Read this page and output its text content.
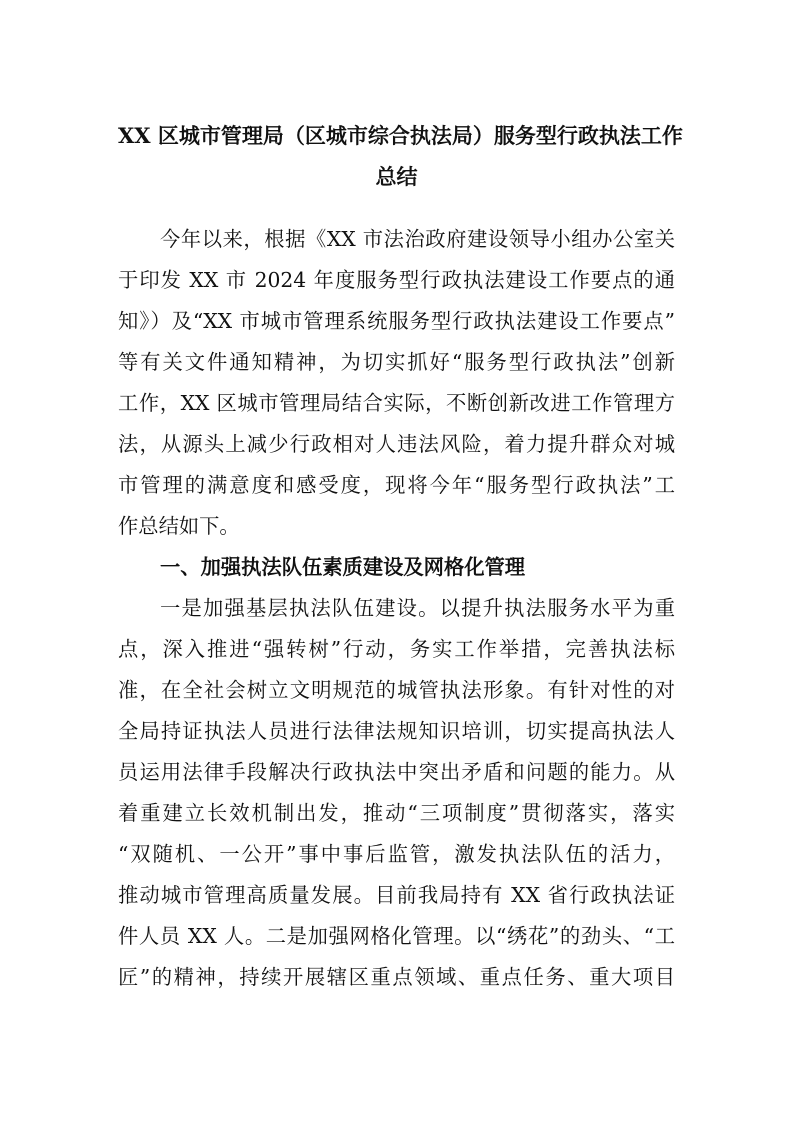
XX 区城市管理局（区城市综合执法局）服务型行政执法工作
总结
今年以来，根据《XX 市法治政府建设领导小组办公室关
于印发 XX 市 2024 年度服务型行政执法建设工作要点的通
知》）及“XX 市城市管理系统服务型行政执法建设工作要点”
等有关文件通知精神，为切实抓好“服务型行政执法”创新
工作，XX 区城市管理局结合实际，不断创新改进工作管理方
法，从源头上减少行政相对人违法风险，着力提升群众对城
市管理的满意度和感受度，现将今年“服务型行政执法”工
作总结如下。
一、加强执法队伍素质建设及网格化管理
一是加强基层执法队伍建设。以提升执法服务水平为重
点，深入推进“强转树”行动，务实工作举措，完善执法标
准，在全社会树立文明规范的城管执法形象。有针对性的对
全局持证执法人员进行法律法规知识培训，切实提高执法人
员运用法律手段解决行政执法中突出矛盾和问题的能力。从
着重建立长效机制出发，推动“三项制度”贯彻落实，落实
“双随机、一公开”事中事后监管，激发执法队伍的活力，
推动城市管理高质量发展。目前我局持有 XX 省行政执法证
件人员 XX 人。二是加强网格化管理。以“绣花”的劲头、“工
匠”的精神，持续开展辖区重点领域、重点任务、重大项目
